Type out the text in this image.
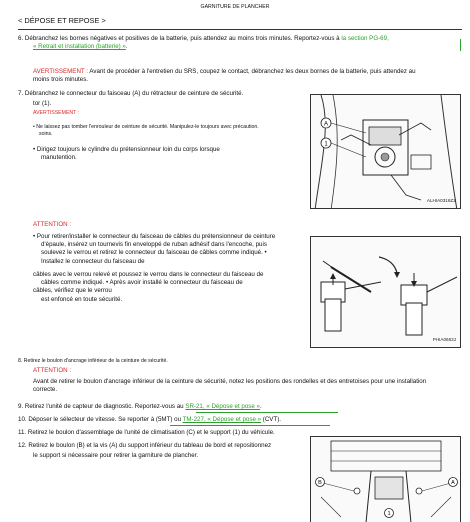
GARNITURE DE PLANCHER
< DÉPOSE ET REPOSE >
6. Débranchez les bornes négatives et positives de la batterie, puis attendez au moins trois minutes. Reportez-vous à la section PG-69,
« Retrait et installation (batterie) ».
AVERTISSEMENT : Avant de procéder à l'entretien du SRS, coupez le contact, débranchez les deux bornes de la batterie, puis attendez au
moins trois minutes.
7. Débranchez le connecteur du faisceau (A) du rétracteur de ceinture de sécurité.
tor (1).
AVERTISSEMENT :
• Ne laissez pas tomber l'enrouleur de ceinture de sécurité. Manipulez-le toujours avec précaution.
soins.
• Dirigez toujours le cylindre du prétensionneur loin du corps lorsque
manutention.
A
1
ALHIA0316ZZ
ATTENTION :
• Pour retirer/installer le connecteur du faisceau de câbles du prétensionneur de ceinture
d'épaule, insérez un tournevis fin enveloppé de ruban adhésif dans l'encoche, puis
soulevez le verrou et retirez le connecteur du faisceau de câbles comme indiqué. •
Installez le connecteur du faisceau de
câbles avec le verrou relevé et poussez le verrou dans le connecteur du faisceau de
câbles comme indiqué. • Après avoir installé le connecteur du faisceau de
câbles, vérifiez que le verrou
est enfoncé en toute sécurité.
PHIA0663J
8. Retirez le boulon d'ancrage inférieur de la ceinture de sécurité.
ATTENTION :
Avant de retirer le boulon d'ancrage inférieur de la ceinture de sécurité, notez les positions des rondelles et des entretoises pour une installation
correcte.
9. Retirez l'unité de capteur de diagnostic. Reportez-vous au SR-21, « Dépose et pose ».
10. Déposer le sélecteur de vitesse. Se reporter à (5MT) ou TM-227, « Dépose et pose » (CVT).
11. Retirez le boulon d'assemblage de l'unité de climatisation (C) et le support (1) du véhicule.
12. Retirez le boulon (B) et la vis (A) du support inférieur du tableau de bord et repositionnez
le support si nécessaire pour retirer la garniture de plancher.
B	A
1
